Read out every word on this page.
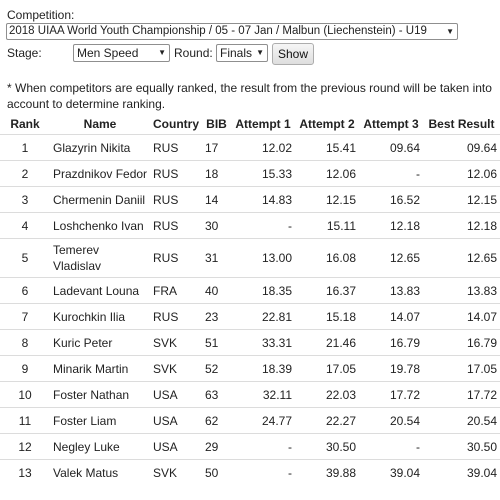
Competition:
2018 UIAA World Youth Championship / 05 - 07 Jan / Malbun (Liechenstein) - U19 ▼
Stage:	Men Speed ▼ Round: Finals ▼	Show
* When competitors are equally ranked, the result from the previous round will be taken into account to determine ranking.
Rank	Name	Country	BIB	Attempt 1	Attempt 2	Attempt 3	Best Result
1	Glazyrin Nikita	RUS	17	12.02	15.41	09.64	09.64
2	Prazdnikov Fedor	RUS	18	15.33	12.06	-	12.06
3	Chermenin Daniil	RUS	14	14.83	12.15	16.52	12.15
4	Loshchenko Ivan	RUS	30	-	15.11	12.18	12.18
5	Temerev Vladislav	RUS	31	13.00	16.08	12.65	12.65
6	Ladevant Louna	FRA	40	18.35	16.37	13.83	13.83
7	Kurochkin Ilia	RUS	23	22.81	15.18	14.07	14.07
8	Kuric Peter	SVK	51	33.31	21.46	16.79	16.79
9	Minarik Martin	SVK	52	18.39	17.05	19.78	17.05
10	Foster Nathan	USA	63	32.11	22.03	17.72	17.72
11	Foster Liam	USA	62	24.77	22.27	20.54	20.54
12	Negley Luke	USA	29	-	30.50	-	30.50
13	Valek Matus	SVK	50	-	39.88	39.04	39.04
